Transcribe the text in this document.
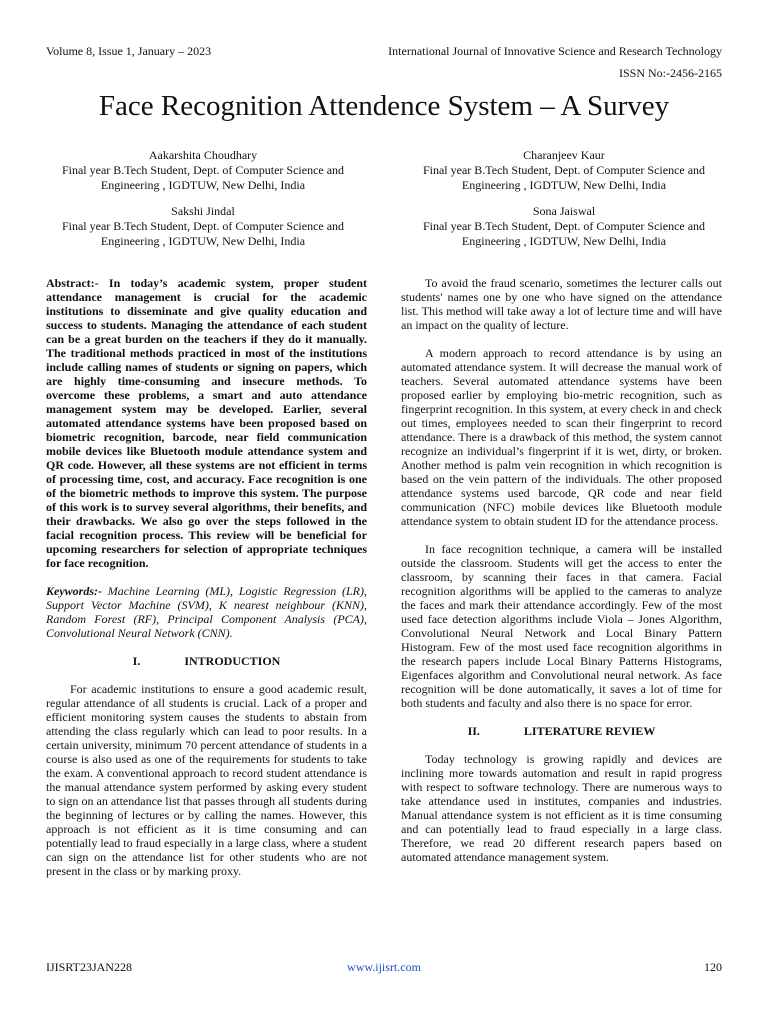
Volume 8, Issue 1, January – 2023	International Journal of Innovative Science and Research Technology
ISSN No:-2456-2165
Face Recognition Attendence System – A Survey
Aakarshita Choudhary
Final year B.Tech Student, Dept. of Computer Science and
Engineering , IGDTUW, New Delhi, India
Charanjeev Kaur
Final year B.Tech Student, Dept. of Computer Science and
Engineering , IGDTUW, New Delhi, India
Sakshi Jindal
Final year B.Tech Student, Dept. of Computer Science and
Engineering , IGDTUW, New Delhi, India
Sona Jaiswal
Final year B.Tech Student, Dept. of Computer Science and
Engineering , IGDTUW, New Delhi, India

Abstract:- In today’s academic system, proper student attendance management is crucial for the academic institutions to disseminate and give quality education and success to students. Managing the attendance of each student can be a great burden on the teachers if they do it manually. The traditional methods practiced in most of the institutions include calling names of students or signing on papers, which are highly time-consuming and insecure methods. To overcome these problems, a smart and auto attendance management system may be developed. Earlier, several automated attendance systems have been proposed based on biometric recognition, barcode, near field communication mobile devices like Bluetooth module attendance system and QR code. However, all these systems are not efficient in terms of processing time, cost, and accuracy. Face recognition is one of the biometric methods to improve this system. The purpose of this work is to survey several algorithms, their benefits, and their drawbacks. We also go over the steps followed in the facial recognition process. This review will be beneficial for upcoming researchers for selection of appropriate techniques for face recognition.

Keywords:- Machine Learning (ML), Logistic Regression (LR), Support Vector Machine (SVM), K nearest neighbour (KNN), Random Forest (RF), Principal Component Analysis (PCA), Convolutional Neural Network (CNN).

I.	INTRODUCTION

For academic institutions to ensure a good academic result, regular attendance of all students is crucial. Lack of a proper and efficient monitoring system causes the students to abstain from attending the class regularly which can lead to poor results. In a certain university, minimum 70 percent attendance of students in a course is also used as one of the requirements for students to take the exam. A conventional approach to record student attendance is the manual attendance system performed by asking every student to sign on an attendance list that passes through all students during the beginning of lectures or by calling the names. However, this approach is not efficient as it is time consuming and can potentially lead to fraud especially in a large class, where a student can sign on the attendance list for other students who are not present in the class or by marking proxy.

To avoid the fraud scenario, sometimes the lecturer calls out students' names one by one who have signed on the attendance list. This method will take away a lot of lecture time and will have an impact on the quality of lecture.

A modern approach to record attendance is by using an automated attendance system. It will decrease the manual work of teachers. Several automated attendance systems have been proposed earlier by employing bio-metric recognition, such as fingerprint recognition. In this system, at every check in and check out times, employees needed to scan their fingerprint to record attendance. There is a drawback of this method, the system cannot recognize an individual’s fingerprint if it is wet, dirty, or broken. Another method is palm vein recognition in which recognition is based on the vein pattern of the individuals. The other proposed attendance systems used barcode, QR code and near field communication (NFC) mobile devices like Bluetooth module attendance system to obtain student ID for the attendance process.

In face recognition technique, a camera will be installed outside the classroom. Students will get the access to enter the classroom, by scanning their faces in that camera. Facial recognition algorithms will be applied to the cameras to analyze the faces and mark their attendance accordingly. Few of the most used face detection algorithms include Viola – Jones Algorithm, Convolutional Neural Network and Local Binary Pattern Histogram. Few of the most used face recognition algorithms in the research papers include Local Binary Patterns Histograms, Eigenfaces algorithm and Convolutional neural network. As face recognition will be done automatically, it saves a lot of time for both students and faculty and also there is no space for error.

II.	LITERATURE REVIEW

Today technology is growing rapidly and devices are inclining more towards automation and result in rapid progress with respect to software technology. There are numerous ways to take attendance used in institutes, companies and industries. Manual attendance system is not efficient as it is time consuming and can potentially lead to fraud especially in a large class. Therefore, we read 20 different research papers based on automated attendance management system.

IJISRT23JAN228	www.ijisrt.com	120
